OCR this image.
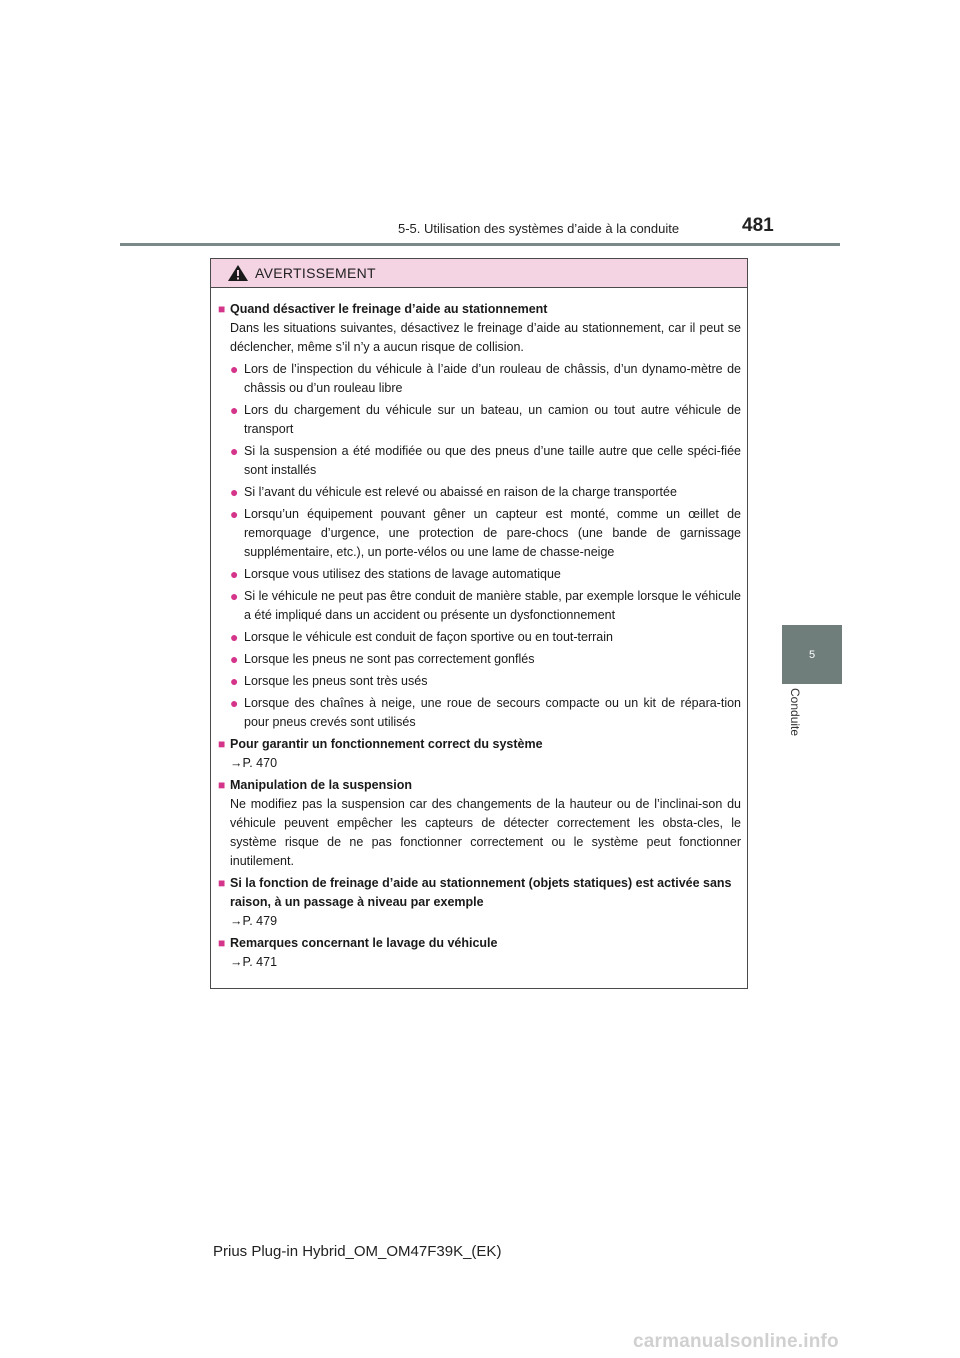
5-5. Utilisation des systèmes d’aide à la conduite	481
5
Conduite
AVERTISSEMENT
■ Quand désactiver le freinage d’aide au stationnement
Dans les situations suivantes, désactivez le freinage d’aide au stationnement, car il peut se déclencher, même s’il n’y a aucun risque de collision.
● Lors de l’inspection du véhicule à l’aide d’un rouleau de châssis, d’un dynamo-mètre de châssis ou d’un rouleau libre
● Lors du chargement du véhicule sur un bateau, un camion ou tout autre véhicule de transport
● Si la suspension a été modifiée ou que des pneus d’une taille autre que celle spéci-fiée sont installés
● Si l’avant du véhicule est relevé ou abaissé en raison de la charge transportée
● Lorsqu’un équipement pouvant gêner un capteur est monté, comme un œillet de remorquage d’urgence, une protection de pare-chocs (une bande de garnissage supplémentaire, etc.), un porte-vélos ou une lame de chasse-neige
● Lorsque vous utilisez des stations de lavage automatique
● Si le véhicule ne peut pas être conduit de manière stable, par exemple lorsque le véhicule a été impliqué dans un accident ou présente un dysfonctionnement
● Lorsque le véhicule est conduit de façon sportive ou en tout-terrain
● Lorsque les pneus ne sont pas correctement gonflés
● Lorsque les pneus sont très usés
● Lorsque des chaînes à neige, une roue de secours compacte ou un kit de répara-tion pour pneus crevés sont utilisés
■ Pour garantir un fonctionnement correct du système
→P. 470
■ Manipulation de la suspension
Ne modifiez pas la suspension car des changements de la hauteur ou de l’inclinai-son du véhicule peuvent empêcher les capteurs de détecter correctement les obsta-cles, le système risque de ne pas fonctionner correctement ou le système peut fonctionner inutilement.
■ Si la fonction de freinage d’aide au stationnement (objets statiques) est activée sans raison, à un passage à niveau par exemple
→P. 479
■ Remarques concernant le lavage du véhicule
→P. 471
Prius Plug-in Hybrid_OM_OM47F39K_(EK)
carmanualsonline.info
